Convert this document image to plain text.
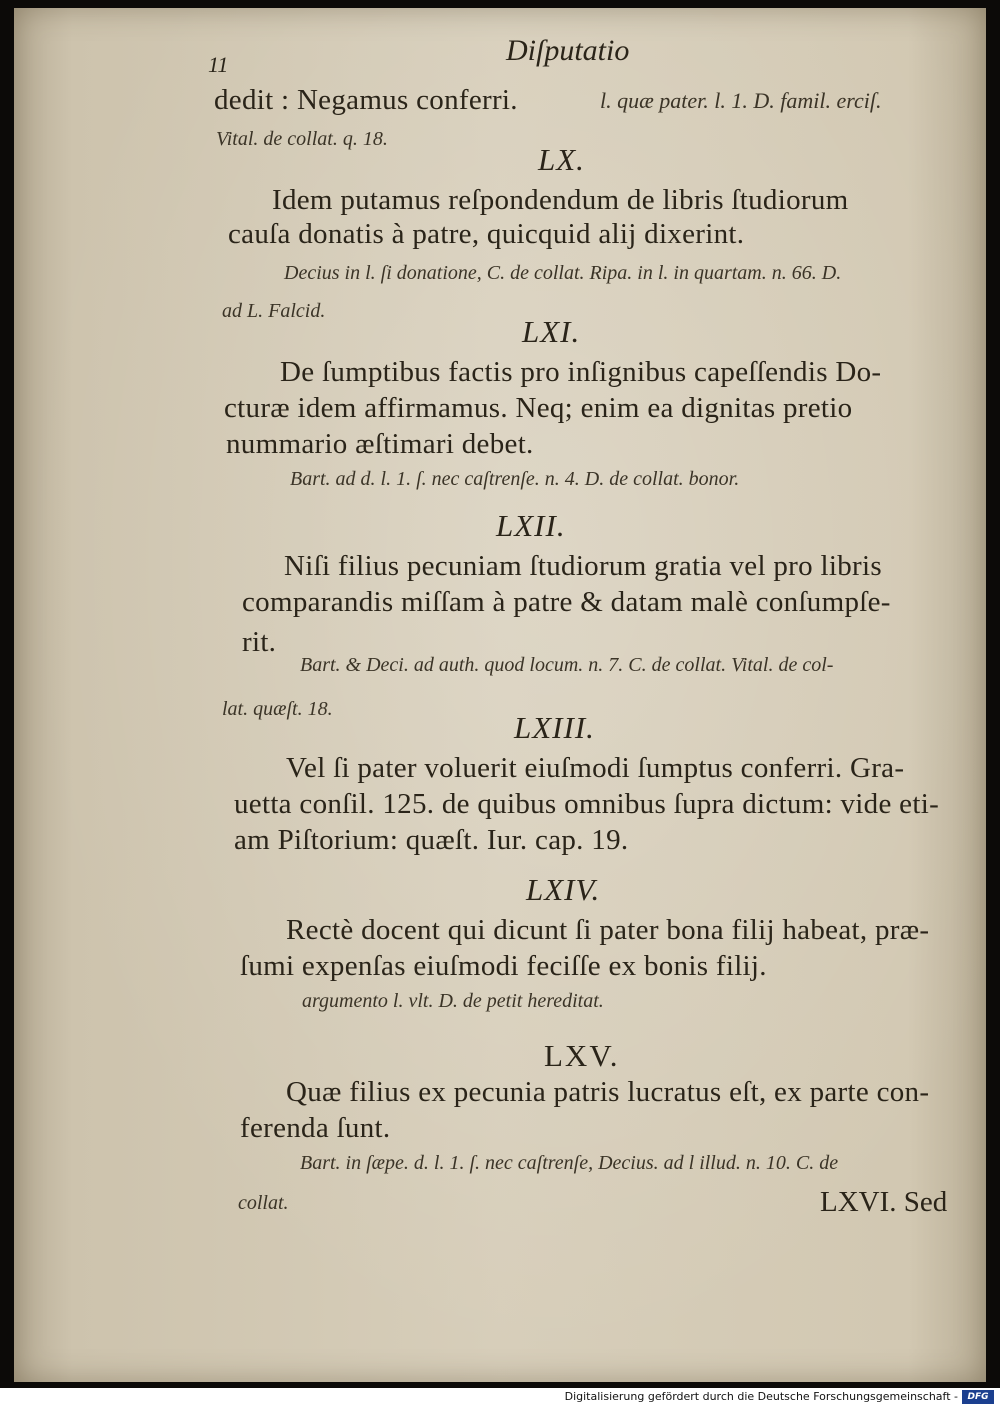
11	Diſputatio
dedit : Negamus conferri.	l. quæ pater. l. 1. D. famil. erciſ.
Vital. de collat. q. 18.
LX.
Idem putamus reſpondendum de libris ſtudiorum
cauſa donatis à patre, quicquid alij dixerint.
Decius in l. ſi donatione, C. de collat. Ripa. in l. in quartam. n. 66. D.
ad L. Falcid.
LXI.
De ſumptibus factis pro inſignibus capeſſendis Do-
cturæ idem affirmamus. Neq; enim ea dignitas pretio
nummario æſtimari debet.
Bart. ad d. l. 1. ſ. nec caſtrenſe. n. 4. D. de collat. bonor.
LXII.
Niſi filius pecuniam ſtudiorum gratia vel pro libris
comparandis miſſam à patre & datam malè conſumpſe-
rit.
Bart. & Deci. ad auth. quod locum. n. 7. C. de collat. Vital. de col-
lat. quæſt. 18.
LXIII.
Vel ſi pater voluerit eiuſmodi ſumptus conferri. Gra-
uetta conſil. 125. de quibus omnibus ſupra dictum: vide eti-
am Piſtorium: quæſt. Iur. cap. 19.
LXIV.
Rectè docent qui dicunt ſi pater bona filij habeat, præ-
ſumi expenſas eiuſmodi feciſſe ex bonis filij.
argumento l. vlt. D. de petit hereditat.
LXV.
Quæ filius ex pecunia patris lucratus eſt, ex parte con-
ferenda ſunt.
Bart. in ſæpe. d. l. 1. ſ. nec caſtrenſe, Decius. ad l illud. n. 10. C. de
collat.	LXVI. Sed
Digitalisierung gefördert durch die Deutsche Forschungsgemeinschaft -	DFG
